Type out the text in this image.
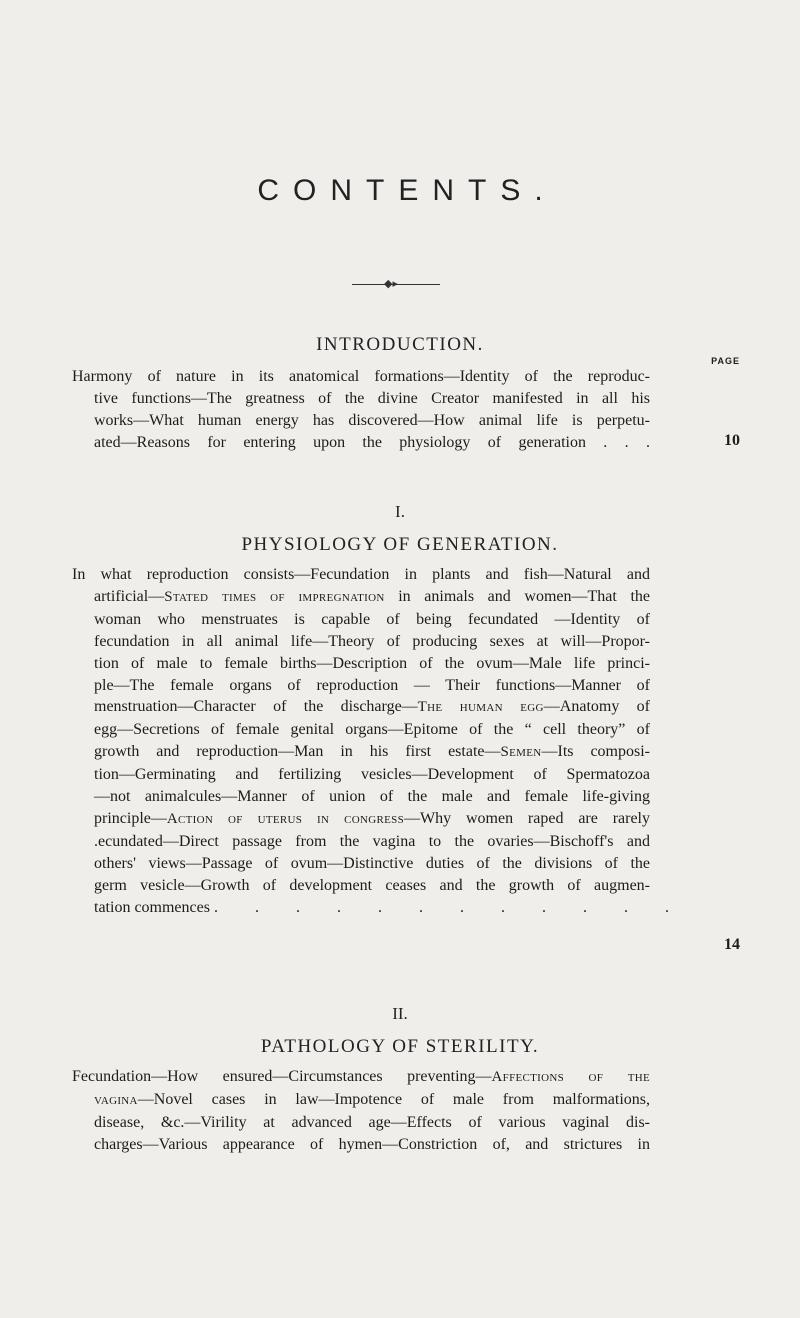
CONTENTS.
◆▸
INTRODUCTION.
PAGE
Harmony of nature in its anatomical formations—Identity of the reproduc-
tive functions—The greatness of the divine Creator manifested in all his
works—What human energy has discovered—How animal life is perpetu-
ated—Reasons for entering upon the physiology of generation . . .	10
I.
PHYSIOLOGY OF GENERATION.
In what reproduction consists—Fecundation in plants and fish—Natural and
artificial—Stated times of impregnation in animals and women—That the
woman who menstruates is capable of being fecundated —Identity of
fecundation in all animal life—Theory of producing sexes at will—Propor-
tion of male to female births—Description of the ovum—Male life princi-
ple—The female organs of reproduction — Their functions—Manner of
menstruation—Character of the discharge—The human egg—Anatomy of
egg—Secretions of female genital organs—Epitome of the “ cell theory” of
growth and reproduction—Man in his first estate—Semen—Its composi-
tion—Germinating and fertilizing vesicles—Development of Spermatozoa
—not animalcules—Manner of union of the male and female life-giving
principle—Action of uterus in congress—Why women raped are rarely
.ecundated—Direct passage from the vagina to the ovaries—Bischoff's and
others' views—Passage of ovum—Distinctive duties of the divisions of the
germ vesicle—Growth of development ceases and the growth of augmen-
tation commences . . . . . . . . . . . .
14
II.
PATHOLOGY OF STERILITY.
Fecundation—How ensured—Circumstances preventing—Affections of the
vagina—Novel cases in law—Impotence of male from malformations,
disease, &c.—Virility at advanced age—Effects of various vaginal dis-
charges—Various appearance of hymen—Constriction of, and strictures in
